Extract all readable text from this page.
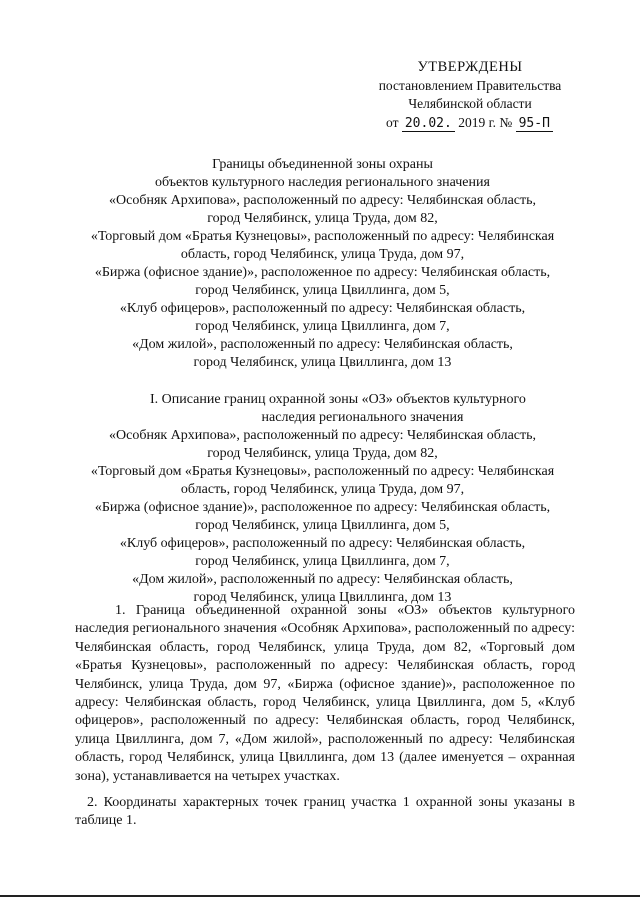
УТВЕРЖДЕНЫ
постановлением Правительства
Челябинской области
от 20.02. 2019 г. № 95-П
Границы объединенной зоны охраны
объектов культурного наследия регионального значения
«Особняк Архипова», расположенный по адресу: Челябинская область,
город Челябинск, улица Труда, дом 82,
«Торговый дом «Братья Кузнецовы», расположенный по адресу: Челябинская
область, город Челябинск, улица Труда, дом 97,
«Биржа (офисное здание)», расположенное по адресу: Челябинская область,
город Челябинск, улица Цвиллинга, дом 5,
«Клуб офицеров», расположенный по адресу: Челябинская область,
город Челябинск, улица Цвиллинга, дом 7,
«Дом жилой», расположенный по адресу: Челябинская область,
город Челябинск, улица Цвиллинга, дом 13
I. Описание границ охранной зоны «ОЗ» объектов культурного
наследия регионального значения
«Особняк Архипова», расположенный по адресу: Челябинская область,
город Челябинск, улица Труда, дом 82,
«Торговый дом «Братья Кузнецовы», расположенный по адресу: Челябинская
область, город Челябинск, улица Труда, дом 97,
«Биржа (офисное здание)», расположенное по адресу: Челябинская область,
город Челябинск, улица Цвиллинга, дом 5,
«Клуб офицеров», расположенный по адресу: Челябинская область,
город Челябинск, улица Цвиллинга, дом 7,
«Дом жилой», расположенный по адресу: Челябинская область,
город Челябинск, улица Цвиллинга, дом 13
1. Граница объединенной охранной зоны «ОЗ» объектов культурного наследия регионального значения «Особняк Архипова», расположенный по адресу: Челябинская область, город Челябинск, улица Труда, дом 82, «Торговый дом «Братья Кузнецовы», расположенный по адресу: Челябинская область, город Челябинск, улица Труда, дом 97, «Биржа (офисное здание)», расположенное по адресу: Челябинская область, город Челябинск, улица Цвиллинга, дом 5, «Клуб офицеров», расположенный по адресу: Челябинская область, город Челябинск, улица Цвиллинга, дом 7, «Дом жилой», расположенный по адресу: Челябинская область, город Челябинск, улица Цвиллинга, дом 13 (далее именуется – охранная зона), устанавливается на четырех участках.
2. Координаты характерных точек границ участка 1 охранной зоны указаны в таблице 1.
